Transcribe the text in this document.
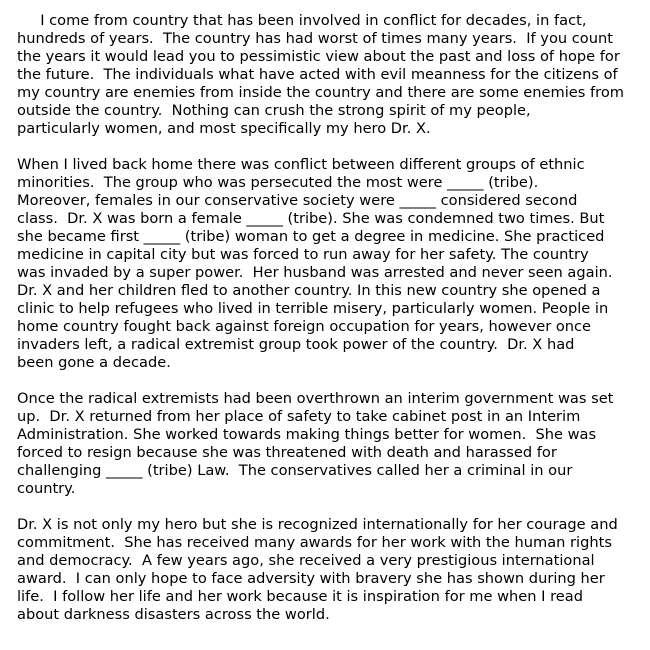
I come from country that has been involved in conflict for decades, in fact,
hundreds of years.  The country has had worst of times many years.  If you count
the years it would lead you to pessimistic view about the past and loss of hope for
the future.  The individuals what have acted with evil meanness for the citizens of
my country are enemies from inside the country and there are some enemies from
outside the country.  Nothing can crush the strong spirit of my people,
particularly women, and most specifically my hero Dr. X.
When I lived back home there was conflict between different groups of ethnic
minorities.  The group who was persecuted the most were _____ (tribe).
Moreover, females in our conservative society were _____ considered second
class.  Dr. X was born a female _____ (tribe). She was condemned two times. But
she became first _____ (tribe) woman to get a degree in medicine. She practiced
medicine in capital city but was forced to run away for her safety. The country
was invaded by a super power.  Her husband was arrested and never seen again.
Dr. X and her children fled to another country. In this new country she opened a
clinic to help refugees who lived in terrible misery, particularly women. People in
home country fought back against foreign occupation for years, however once
invaders left, a radical extremist group took power of the country.  Dr. X had
been gone a decade.
Once the radical extremists had been overthrown an interim government was set
up.  Dr. X returned from her place of safety to take cabinet post in an Interim
Administration. She worked towards making things better for women.  She was
forced to resign because she was threatened with death and harassed for
challenging _____ (tribe) Law.  The conservatives called her a criminal in our
country.
Dr. X is not only my hero but she is recognized internationally for her courage and
commitment.  She has received many awards for her work with the human rights
and democracy.  A few years ago, she received a very prestigious international
award.  I can only hope to face adversity with bravery she has shown during her
life.  I follow her life and her work because it is inspiration for me when I read
about darkness disasters across the world.
